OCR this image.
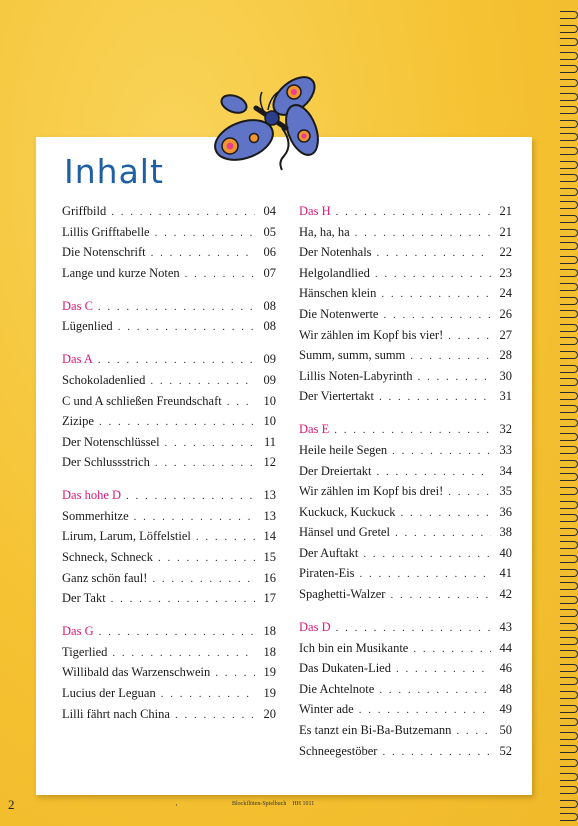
Inhalt
Griffbild . . .	04
Lillis Grifftabelle . . .	05
Die Notenschrift . . .	06
Lange und kurze Noten . . .	07
Das C . . .	08
Lügenlied . . .	08
Das A . . .	09
Schokoladenlied . . .	09
C und A schließen Freundschaft . . .	10
Zizipe . . .	10
Der Notenschlüssel . . .	11
Der Schlussstrich . . .	12
Das hohe D . . .	13
Sommerhitze . . .	13
Lirum, Larum, Löffelstiel . . .	14
Schneck, Schneck . . .	15
Ganz schön faul! . . .	16
Der Takt . . .	17
Das G . . .	18
Tigerlied . . .	18
Willibald das Warzenschwein . . .	19
Lucius der Leguan . . .	19
Lilli fährt nach China . . .	20
Das H . . .	21
Ha, ha, ha . . .	21
Der Notenhals . . .	22
Helgolandlied . . .	23
Hänschen klein . . .	24
Die Notenwerte . . .	26
Wir zählen im Kopf bis vier! . . .	27
Summ, summ, summ . . .	28
Lillis Noten-Labyrinth . . .	30
Der Viertertakt . . .	31
Das E . . .	32
Heile heile Segen . . .	33
Der Dreiertakt . . .	34
Wir zählen im Kopf bis drei! . . .	35
Kuckuck, Kuckuck . . .	36
Hänsel und Gretel . . .	38
Der Auftakt . . .	40
Piraten-Eis . . .	41
Spaghetti-Walzer . . .	42
Das D . . .	43
Ich bin ein Musikante . . .	44
Das Dukaten-Lied . . .	46
Die Achtelnote . . .	48
Winter ade . . .	49
Es tanzt ein Bi-Ba-Butzemann . . .	50
Schneegestöber . . .	52
2	·	Blockflöten-Spielbuch HH 1011
